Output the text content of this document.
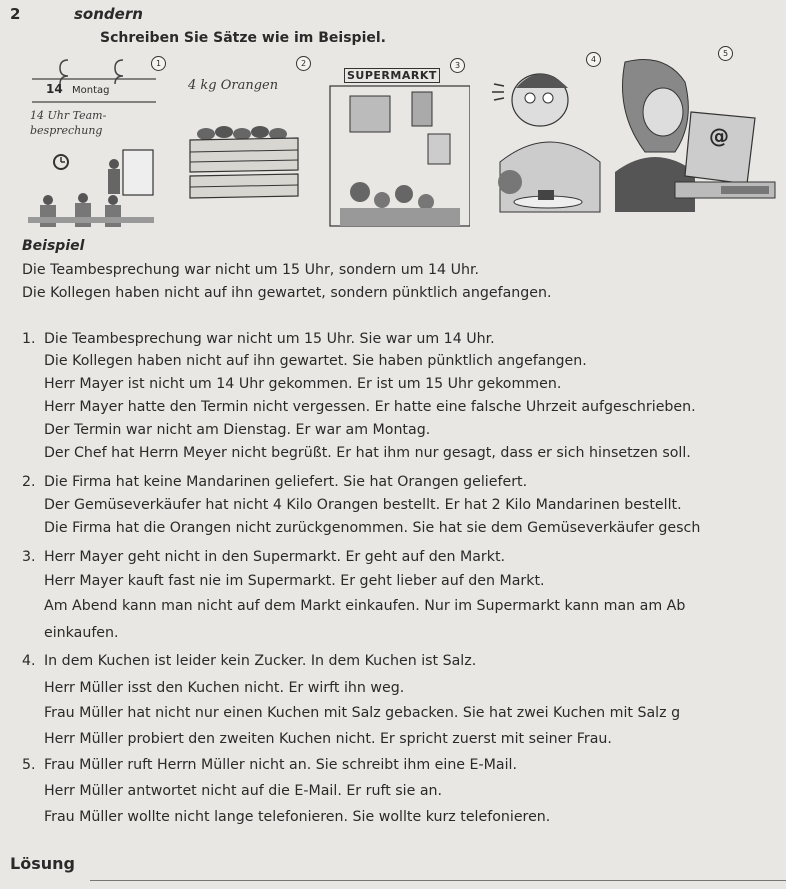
2	sondern
Schreiben Sie Sätze wie im Beispiel.
1
14 Montag
14 Uhr Team-
besprechung
2
4 kg Orangen
3
SUPERMARKT
4
5
@
Beispiel
Die Teambesprechung war nicht um 15 Uhr, sondern um 14 Uhr.
Die Kollegen haben nicht auf ihn gewartet, sondern pünktlich angefangen.
1. Die Teambesprechung war nicht um 15 Uhr. Sie war um 14 Uhr.
Die Kollegen haben nicht auf ihn gewartet. Sie haben pünktlich angefangen.
Herr Mayer ist nicht um 14 Uhr gekommen. Er ist um 15 Uhr gekommen.
Herr Mayer hatte den Termin nicht vergessen. Er hatte eine falsche Uhrzeit aufgeschrieben.
Der Termin war nicht am Dienstag. Er war am Montag.
Der Chef hat Herrn Meyer nicht begrüßt. Er hat ihm nur gesagt, dass er sich hinsetzen soll.
2. Die Firma hat keine Mandarinen geliefert. Sie hat Orangen geliefert.
Der Gemüseverkäufer hat nicht 4 Kilo Orangen bestellt. Er hat 2 Kilo Mandarinen bestellt.
Die Firma hat die Orangen nicht zurückgenommen. Sie hat sie dem Gemüseverkäufer gesch
3. Herr Mayer geht nicht in den Supermarkt. Er geht auf den Markt.
Herr Mayer kauft fast nie im Supermarkt. Er geht lieber auf den Markt.
Am Abend kann man nicht auf dem Markt einkaufen. Nur im Supermarkt kann man am Ab
einkaufen.
4. In dem Kuchen ist leider kein Zucker. In dem Kuchen ist Salz.
Herr Müller isst den Kuchen nicht. Er wirft ihn weg.
Frau Müller hat nicht nur einen Kuchen mit Salz gebacken. Sie hat zwei Kuchen mit Salz g
Herr Müller probiert den zweiten Kuchen nicht. Er spricht zuerst mit seiner Frau.
5. Frau Müller ruft Herrn Müller nicht an. Sie schreibt ihm eine E-Mail.
Herr Müller antwortet nicht auf die E-Mail. Er ruft sie an.
Frau Müller wollte nicht lange telefonieren. Sie wollte kurz telefonieren.
Lösung
